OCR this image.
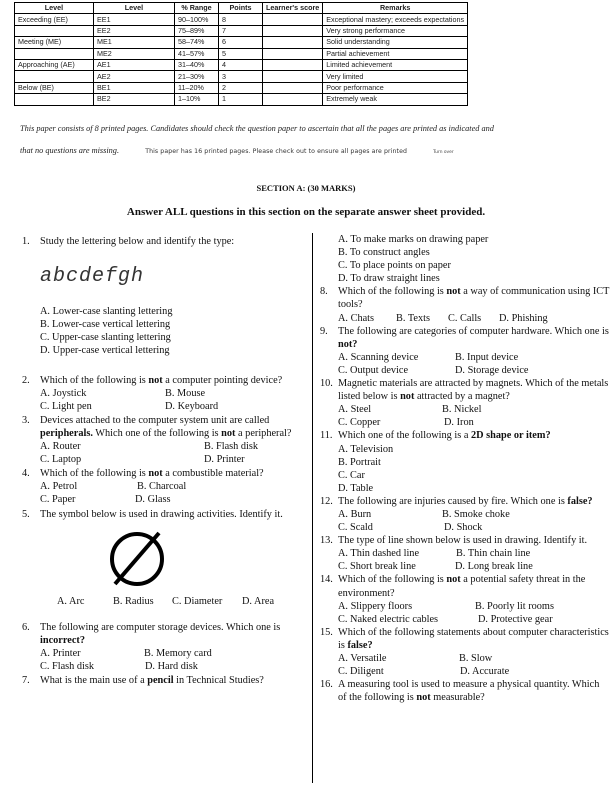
Level	Level	% Range	Points	Learner's score	Remarks
Exceeding (EE)	EE1	90–100%	8		Exceptional mastery; exceeds expectations
	EE2	75–89%	7		Very strong performance
Meeting (ME)	ME1	58–74%	6		Solid understanding
	ME2	41–57%	5		Partial achievement
Approaching (AE)	AE1	31–40%	4		Limited achievement
	AE2	21–30%	3		Very limited
Below (BE)	BE1	11–20%	2		Poor performance
	BE2	1–10%	1		Extremely weak
This paper consists of 8 printed pages. Candidates should check the question paper to ascertain that all the pages are printed as indicated and
that no questions are missing.	This paper has 16 printed pages. Please check out to ensure all pages are printed	Turn over
SECTION A: (30 MARKS)
Answer ALL questions in this section on the separate answer sheet provided.
1. Study the lettering below and identify the type:
abcdefgh
A. Lower-case slanting lettering
B. Lower-case vertical lettering
C. Upper-case slanting lettering
D. Upper-case vertical lettering
2. Which of the following is not a computer pointing device?
A. Joystick	B. Mouse
C. Light pen	D. Keyboard
3. Devices attached to the computer system unit are called peripherals. Which one of the following is not a peripheral?
A. Router	B. Flash disk
C. Laptop	D. Printer
4. Which of the following is not a combustible material?
A. Petrol	B. Charcoal
C. Paper	D. Glass
5. The symbol below is used in drawing activities. Identify it.
A. Arc	B. Radius C. Diameter D. Area
6. The following are computer storage devices. Which one is incorrect?
A. Printer	B. Memory card
C. Flash disk	D. Hard disk
7. What is the main use of a pencil in Technical Studies?
A. To make marks on drawing paper
B. To construct angles
C. To place points on paper
D. To draw straight lines
8. Which of the following is not a way of communication using ICT tools?
A. Chats B. Texts C. Calls D. Phishing
9. The following are categories of computer hardware. Which one is not?
A. Scanning device	B. Input device
C. Output device	D. Storage device
10. Magnetic materials are attracted by magnets. Which of the metals listed below is not attracted by a magnet?
A. Steel	B. Nickel
C. Copper	D. Iron
11. Which one of the following is a 2D shape or item?
A. Television
B. Portrait
C. Car
D. Table
12. The following are injuries caused by fire. Which one is false?
A. Burn	B. Smoke choke
C. Scald	D. Shock
13. The type of line shown below is used in drawing. Identify it.
A. Thin dashed line	B. Thin chain line
C. Short break line	D. Long break line
14. Which of the following is not a potential safety threat in the environment?
A. Slippery floors	B. Poorly lit rooms
C. Naked electric cables	D. Protective gear
15. Which of the following statements about computer characteristics is false?
A. Versatile	B. Slow
C. Diligent	D. Accurate
16. A measuring tool is used to measure a physical quantity. Which of the following is not measurable?
